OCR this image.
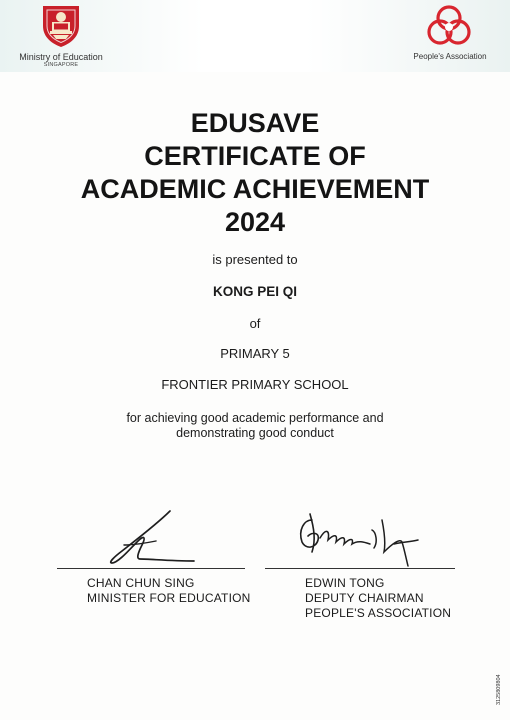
Ministry of Education
SINGAPORE
People's Association
EDUSAVE
CERTIFICATE OF
ACADEMIC ACHIEVEMENT
2024
is presented to
KONG PEI QI
of
PRIMARY 5
FRONTIER PRIMARY SCHOOL
for achieving good academic performance and
demonstrating good conduct
CHAN CHUN SING
MINISTER FOR EDUCATION
EDWIN TONG
DEPUTY CHAIRMAN
PEOPLE'S ASSOCIATION
3125809804
